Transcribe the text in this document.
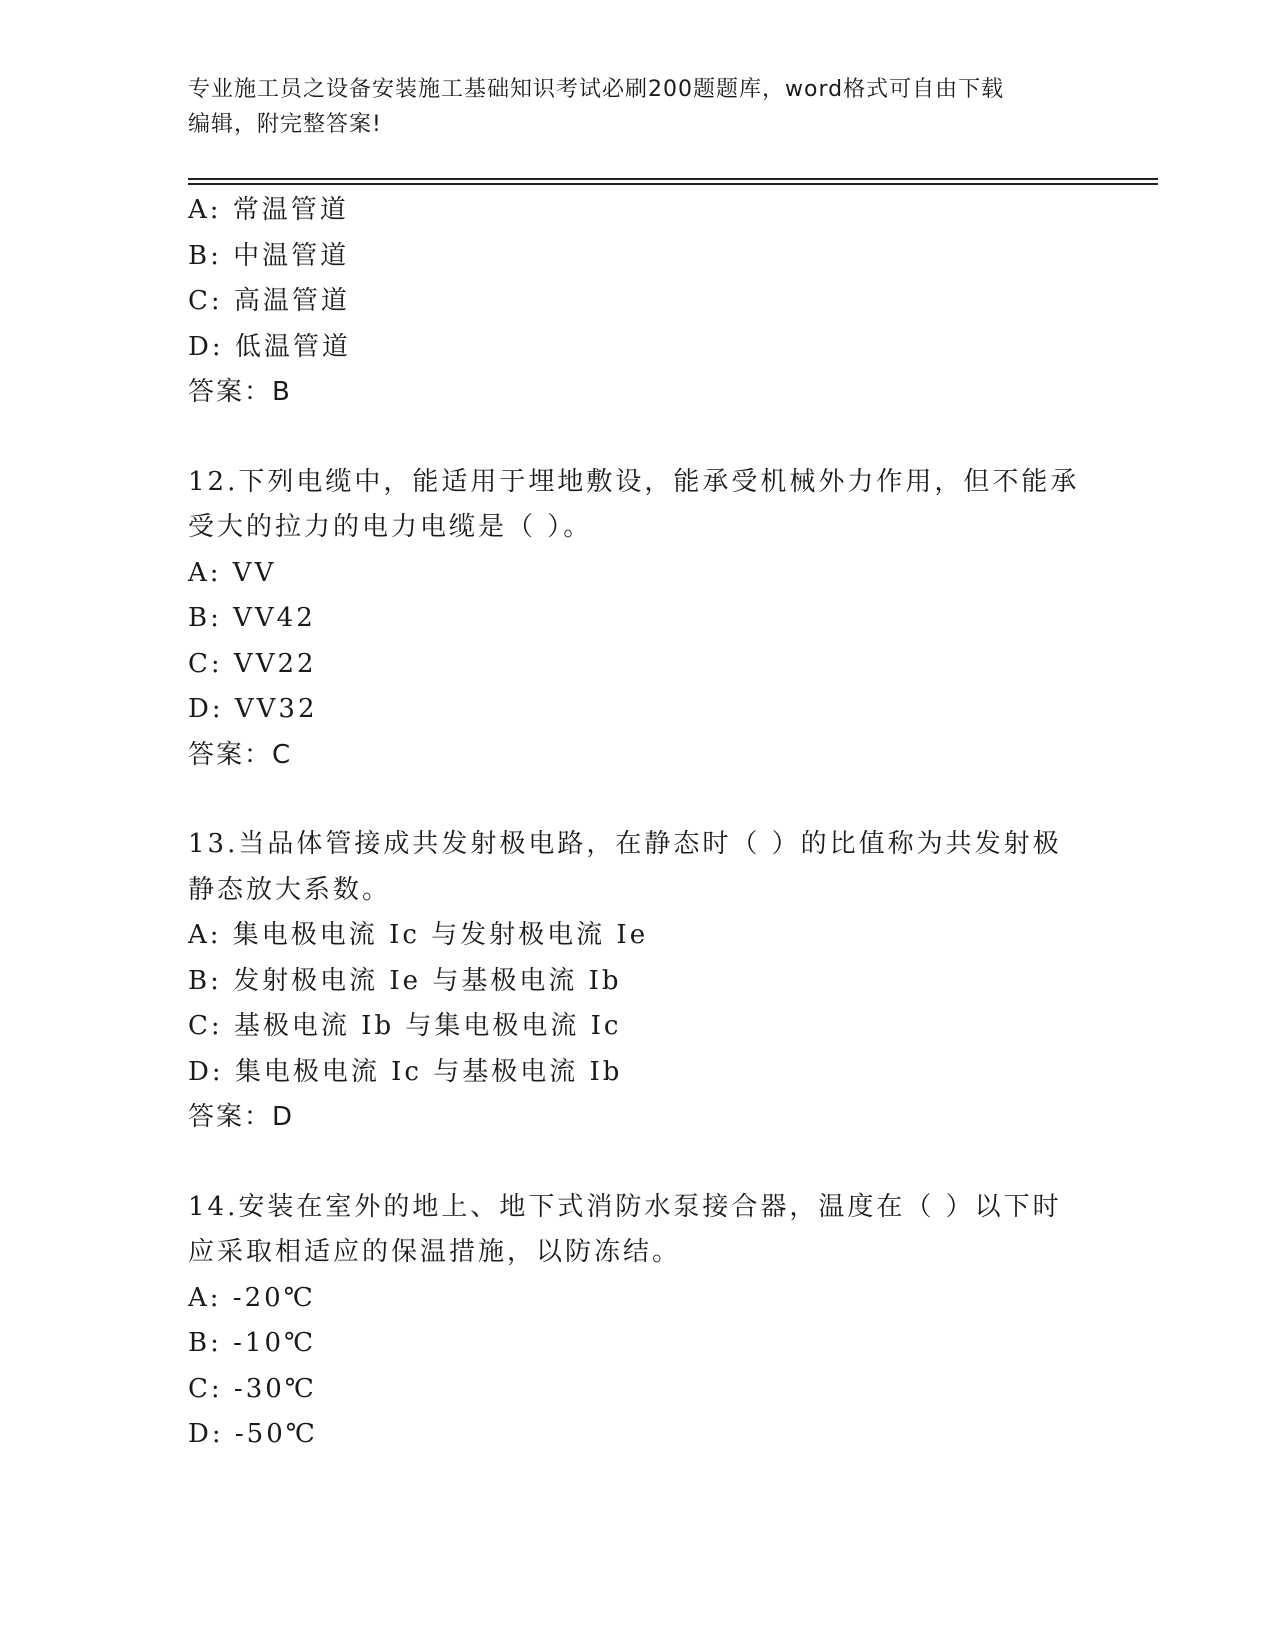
专业施工员之设备安装施工基础知识考试必刷200题题库，word格式可自由下载
编辑，附完整答案!
A: 常温管道
B: 中温管道
C: 高温管道
D: 低温管道
答案：B
12.下列电缆中，能适用于埋地敷设，能承受机械外力作用，但不能承
受大的拉力的电力电缆是（ ）。
A: VV
B: VV42
C: VV22
D: VV32
答案：C
13.当品体管接成共发射极电路，在静态时（ ）的比值称为共发射极
静态放大系数。
A: 集电极电流 Ic 与发射极电流 Ie
B: 发射极电流 Ie 与基极电流 Ib
C: 基极电流 Ib 与集电极电流 Ic
D: 集电极电流 Ic 与基极电流 Ib
答案：D
14.安装在室外的地上、地下式消防水泵接合器，温度在（ ）以下时
应采取相适应的保温措施，以防冻结。
A: -20℃
B: -10℃
C: -30℃
D: -50℃
